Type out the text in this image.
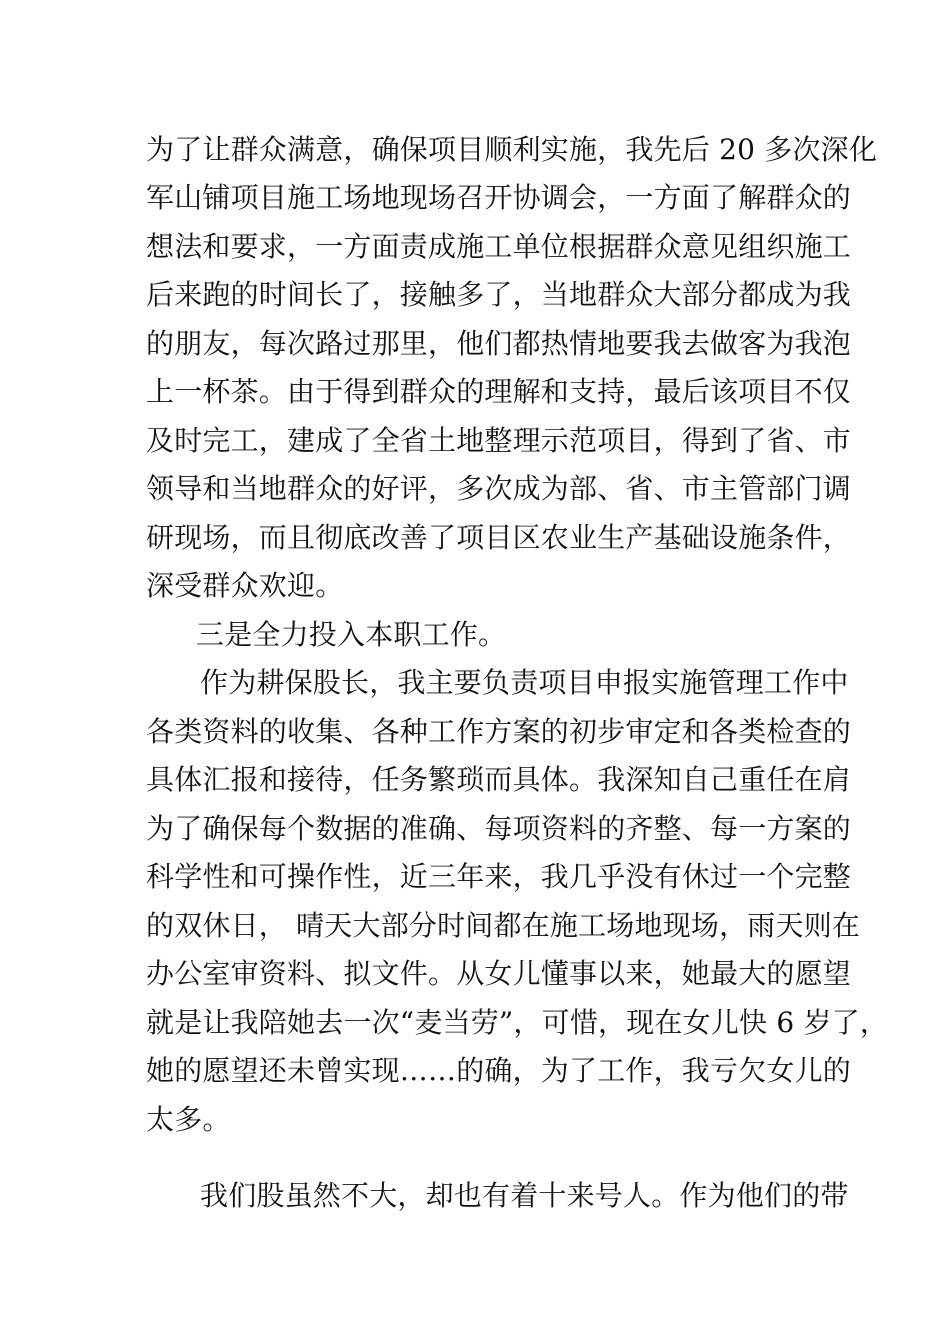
为了让群众满意，确保项目顺利实施，我先后 20 多次深化
军山铺项目施工场地现场召开协调会，一方面了解群众的
想法和要求，一方面责成施工单位根据群众意见组织施工
后来跑的时间长了，接触多了，当地群众大部分都成为我
的朋友，每次路过那里，他们都热情地要我去做客为我泡
上一杯茶。由于得到群众的理解和支持，最后该项目不仅
及时完工，建成了全省土地整理示范项目，得到了省、市
领导和当地群众的好评，多次成为部、省、市主管部门调
研现场，而且彻底改善了项目区农业生产基础设施条件，
深受群众欢迎。
三是全力投入本职工作。
作为耕保股长，我主要负责项目申报实施管理工作中
各类资料的收集、各种工作方案的初步审定和各类检查的
具体汇报和接待，任务繁琐而具体。我深知自己重任在肩
为了确保每个数据的准确、每项资料的齐整、每一方案的
科学性和可操作性，近三年来，我几乎没有休过一个完整
的双休日， 晴天大部分时间都在施工场地现场，雨天则在
办公室审资料、拟文件。从女儿懂事以来，她最大的愿望
就是让我陪她去一次“麦当劳”，可惜，现在女儿快 6 岁了，
她的愿望还未曾实现……的确，为了工作，我亏欠女儿的
太多。
我们股虽然不大，却也有着十来号人。作为他们的带
